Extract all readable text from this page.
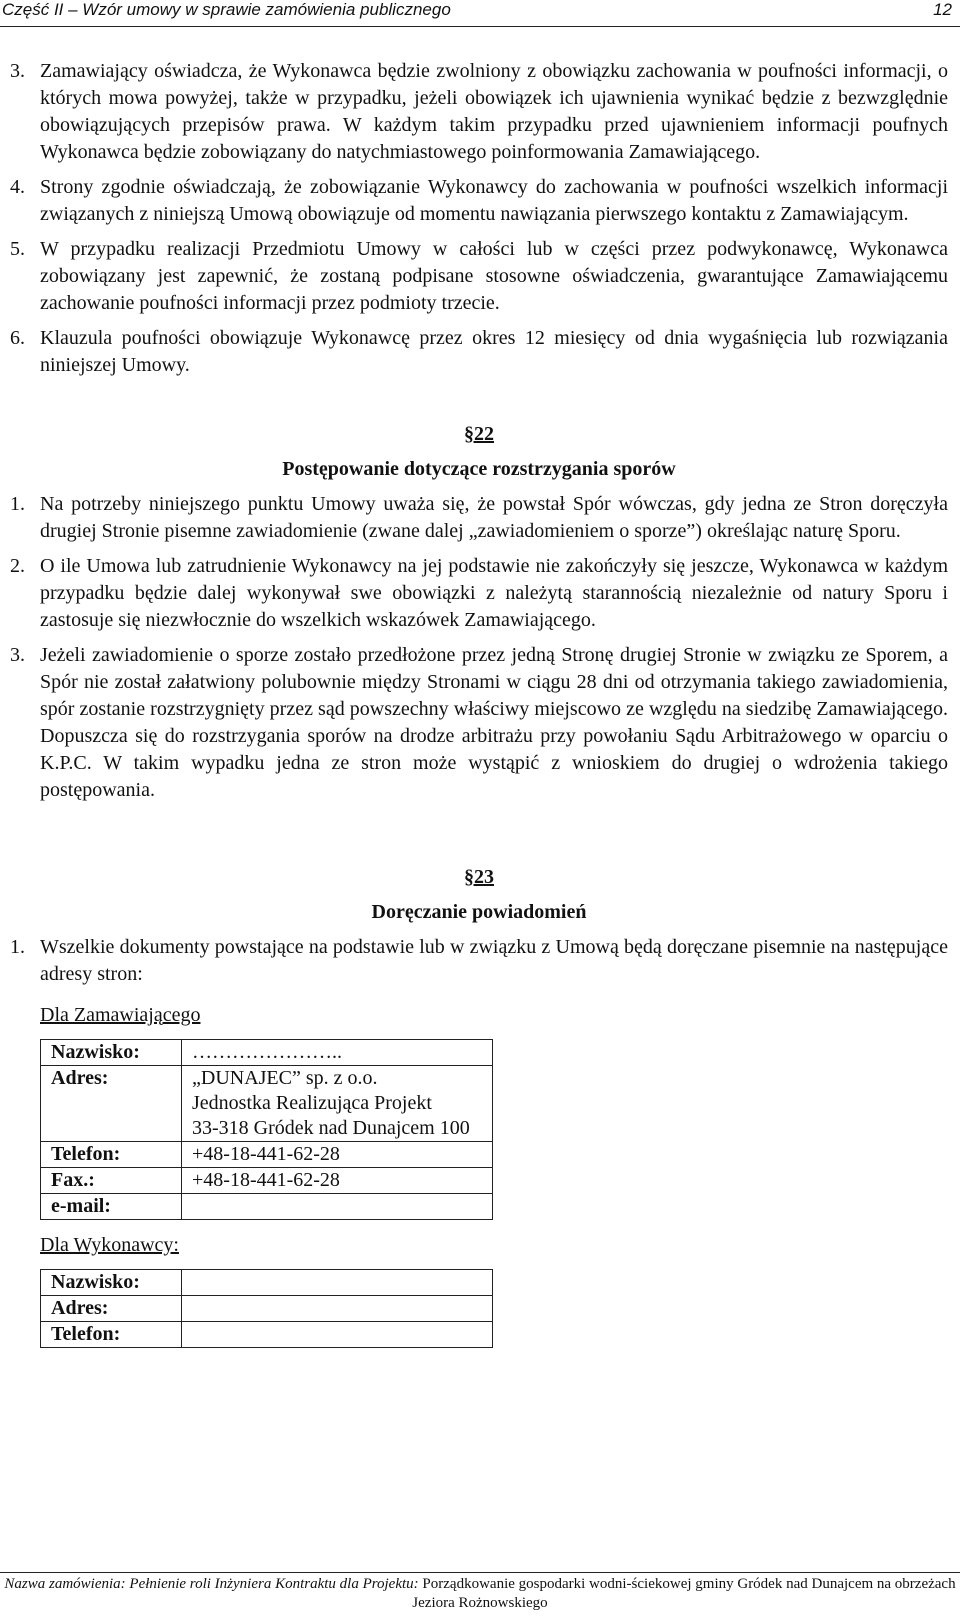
Część II – Wzór umowy w sprawie zamówienia publicznego	12
3. Zamawiający oświadcza, że Wykonawca będzie zwolniony z obowiązku zachowania w poufności informacji, o których mowa powyżej, także w przypadku, jeżeli obowiązek ich ujawnienia wynikać będzie z bezwzględnie obowiązujących przepisów prawa. W każdym takim przypadku przed ujawnieniem informacji poufnych Wykonawca będzie zobowiązany do natychmiastowego poinformowania Zamawiającego.
4. Strony zgodnie oświadczają, że zobowiązanie Wykonawcy do zachowania w poufności wszelkich informacji związanych z niniejszą Umową obowiązuje od momentu nawiązania pierwszego kontaktu z Zamawiającym.
5. W przypadku realizacji Przedmiotu Umowy w całości lub w części przez podwykonawcę, Wykonawca zobowiązany jest zapewnić, że zostaną podpisane stosowne oświadczenia, gwarantujące Zamawiającemu zachowanie poufności informacji przez podmioty trzecie.
6. Klauzula poufności obowiązuje Wykonawcę przez okres 12 miesięcy od dnia wygaśnięcia lub rozwiązania niniejszej Umowy.
§22
Postępowanie dotyczące rozstrzygania sporów
1. Na potrzeby niniejszego punktu Umowy uważa się, że powstał Spór wówczas, gdy jedna ze Stron doręczyła drugiej Stronie pisemne zawiadomienie (zwane dalej „zawiadomieniem o sporze”) określając naturę Sporu.
2. O ile Umowa lub zatrudnienie Wykonawcy na jej podstawie nie zakończyły się jeszcze, Wykonawca w każdym przypadku będzie dalej wykonywał swe obowiązki z należytą starannością niezależnie od natury Sporu i zastosuje się niezwłocznie do wszelkich wskazówek Zamawiającego.
3. Jeżeli zawiadomienie o sporze zostało przedłożone przez jedną Stronę drugiej Stronie w związku ze Sporem, a Spór nie został załatwiony polubownie między Stronami w ciągu 28 dni od otrzymania takiego zawiadomienia, spór zostanie rozstrzygnięty przez sąd powszechny właściwy miejscowo ze względu na siedzibę Zamawiającego. Dopuszcza się do rozstrzygania sporów na drodze arbitrażu przy powołaniu Sądu Arbitrażowego w oparciu o K.P.C. W takim wypadku jedna ze stron może wystąpić z wnioskiem do drugiej o wdrożenia takiego postępowania.
§23
Doręczanie powiadomień
1. Wszelkie dokumenty powstające na podstawie lub w związku z Umową będą doręczane pisemnie na następujące adresy stron:
Dla Zamawiającego
Nazwisko:	…………………..
Adres:	„DUNAJEC” sp. z o.o.
Jednostka Realizująca Projekt
33-318 Gródek nad Dunajcem 100

Telefon:	+48-18-441-62-28
Fax.:	+48-18-441-62-28
e-mail:	
Dla Wykonawcy:
Nazwisko:	
Adres:	
Telefon:	
Nazwa zamówienia: Pełnienie roli Inżyniera Kontraktu dla Projektu: Porządkowanie gospodarki wodni-ściekowej gminy Gródek nad Dunajcem na obrzeżach Jeziora Rożnowskiego
